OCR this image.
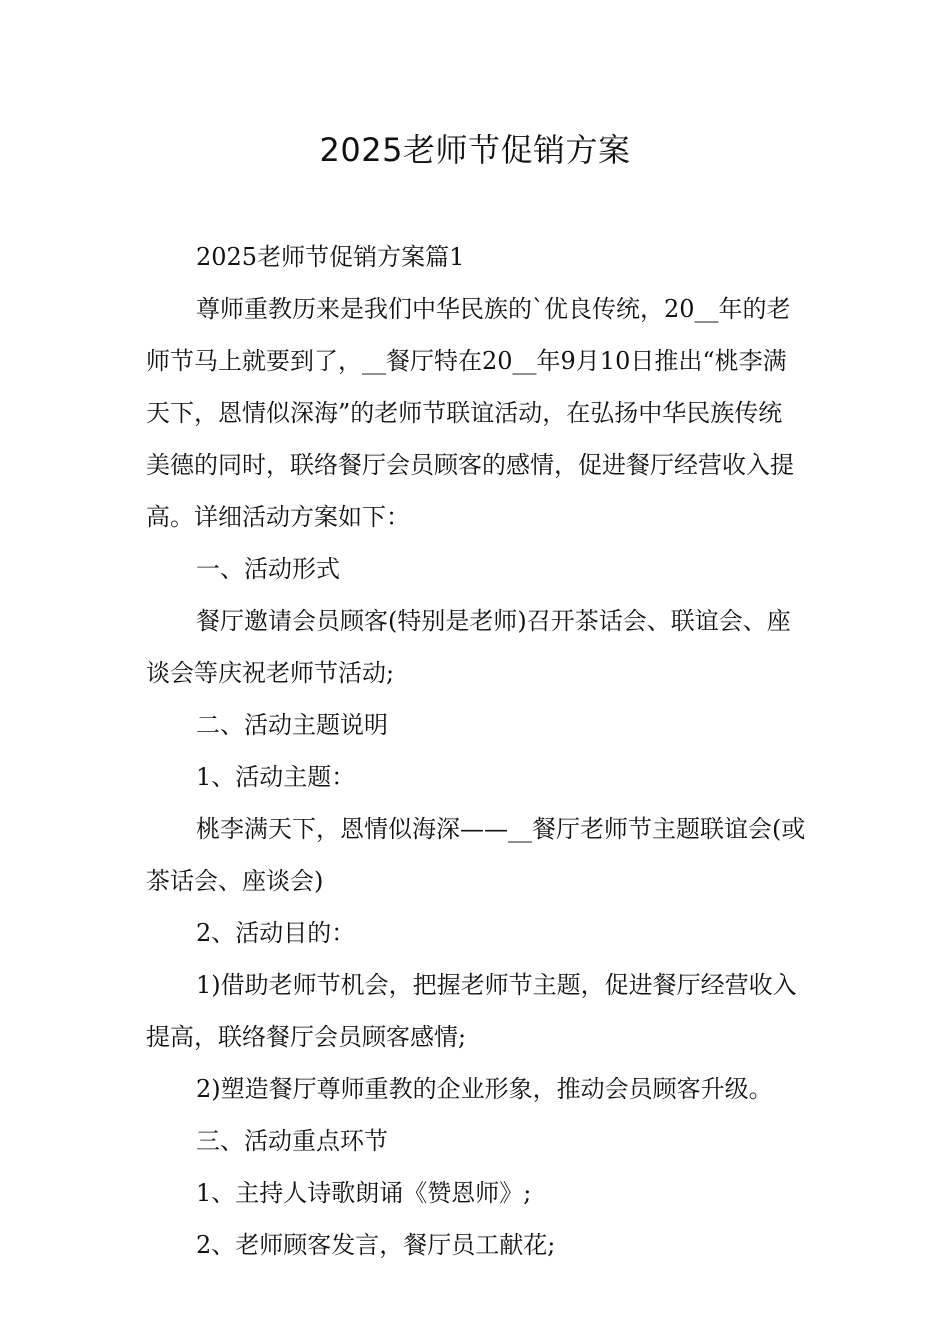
2025老师节促销方案

2025老师节促销方案篇1

尊师重教历来是我们中华民族的`优良传统，20__年的老师节马上就要到了，__餐厅特在20__年9月10日推出“桃李满天下，恩情似深海”的老师节联谊活动，在弘扬中华民族传统美德的同时，联络餐厅会员顾客的感情，促进餐厅经营收入提高。详细活动方案如下：

一、活动形式

餐厅邀请会员顾客(特别是老师)召开茶话会、联谊会、座谈会等庆祝老师节活动;

二、活动主题说明

1、活动主题：

桃李满天下，恩情似海深——__餐厅老师节主题联谊会(或茶话会、座谈会)

2、活动目的：

1)借助老师节机会，把握老师节主题，促进餐厅经营收入提高，联络餐厅会员顾客感情;

2)塑造餐厅尊师重教的企业形象，推动会员顾客升级。

三、活动重点环节

1、主持人诗歌朗诵《赞恩师》;

2、老师顾客发言，餐厅员工献花;
